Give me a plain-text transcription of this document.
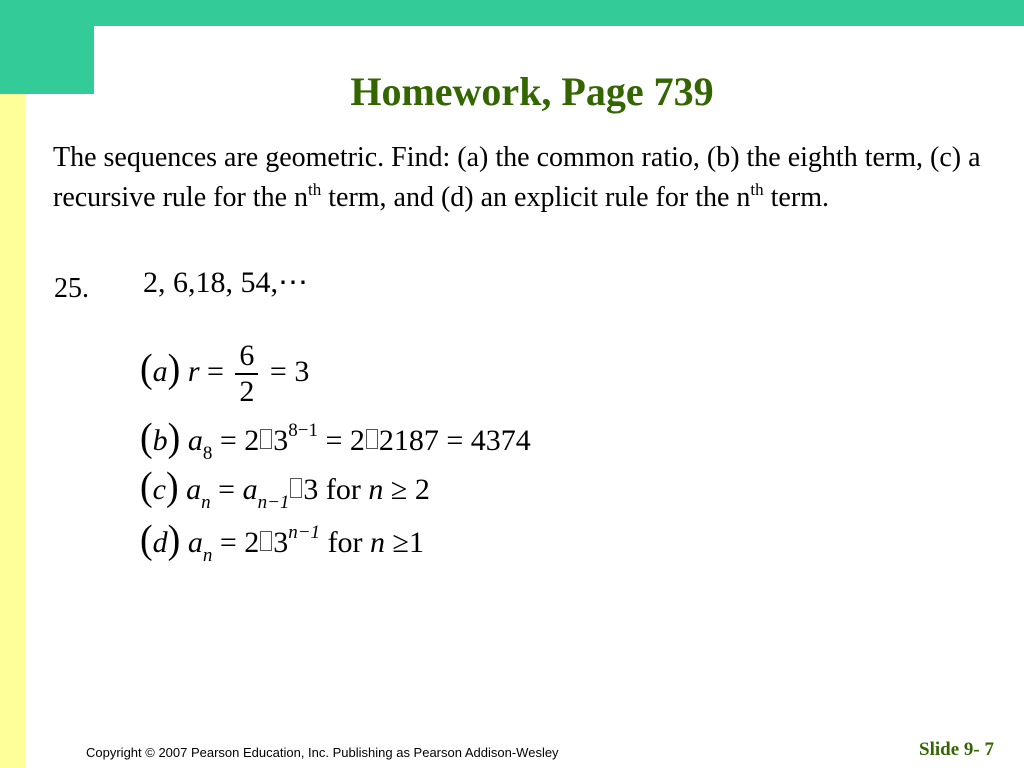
Homework, Page 739

The sequences are geometric. Find: (a) the common ratio, (b) the eighth term, (c) a recursive rule for the $n^{th}$ term, and (d) an explicit rule for the $n^{th}$ term.

25. 2, 6,18, 54,⋯
(a) $r = \frac{6}{2} = 3$
(b) $a_8 = 2$ $3^{8-1} = 2$ 2187 = 4374
(c) $a_n = a_{n-1}$ 3 for n ≥ 2
(d) $a_n = 2$ $3^{n-1}$ for n ≥1
Copyright © 2007 Pearson Education, Inc. Publishing as Pearson Addison-Wesley	Slide 9- 7
